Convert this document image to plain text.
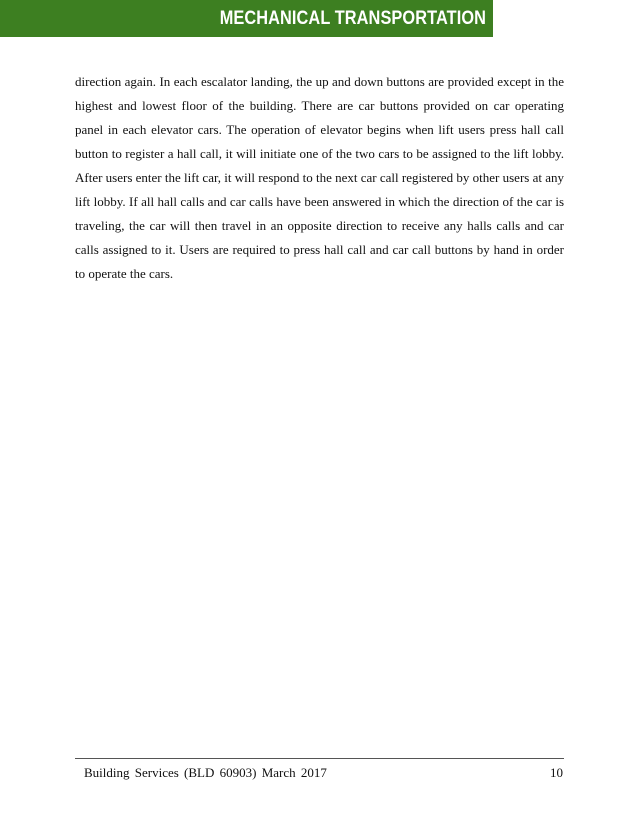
MECHANICAL TRANSPORTATION

direction again. In each escalator landing, the up and down buttons are provided except in the highest and lowest floor of the building. There are car buttons provided on car operating panel in each elevator cars. The operation of elevator begins when lift users press hall call button to register a hall call, it will initiate one of the two cars to be assigned to the lift lobby. After users enter the lift car, it will respond to the next car call registered by other users at any lift lobby. If all hall calls and car calls have been answered in which the direction of the car is traveling, the car will then travel in an opposite direction to receive any halls calls and car calls assigned to it. Users are required to press hall call and car call buttons by hand in order to operate the cars.

Building Services (BLD 60903) March 2017	10
